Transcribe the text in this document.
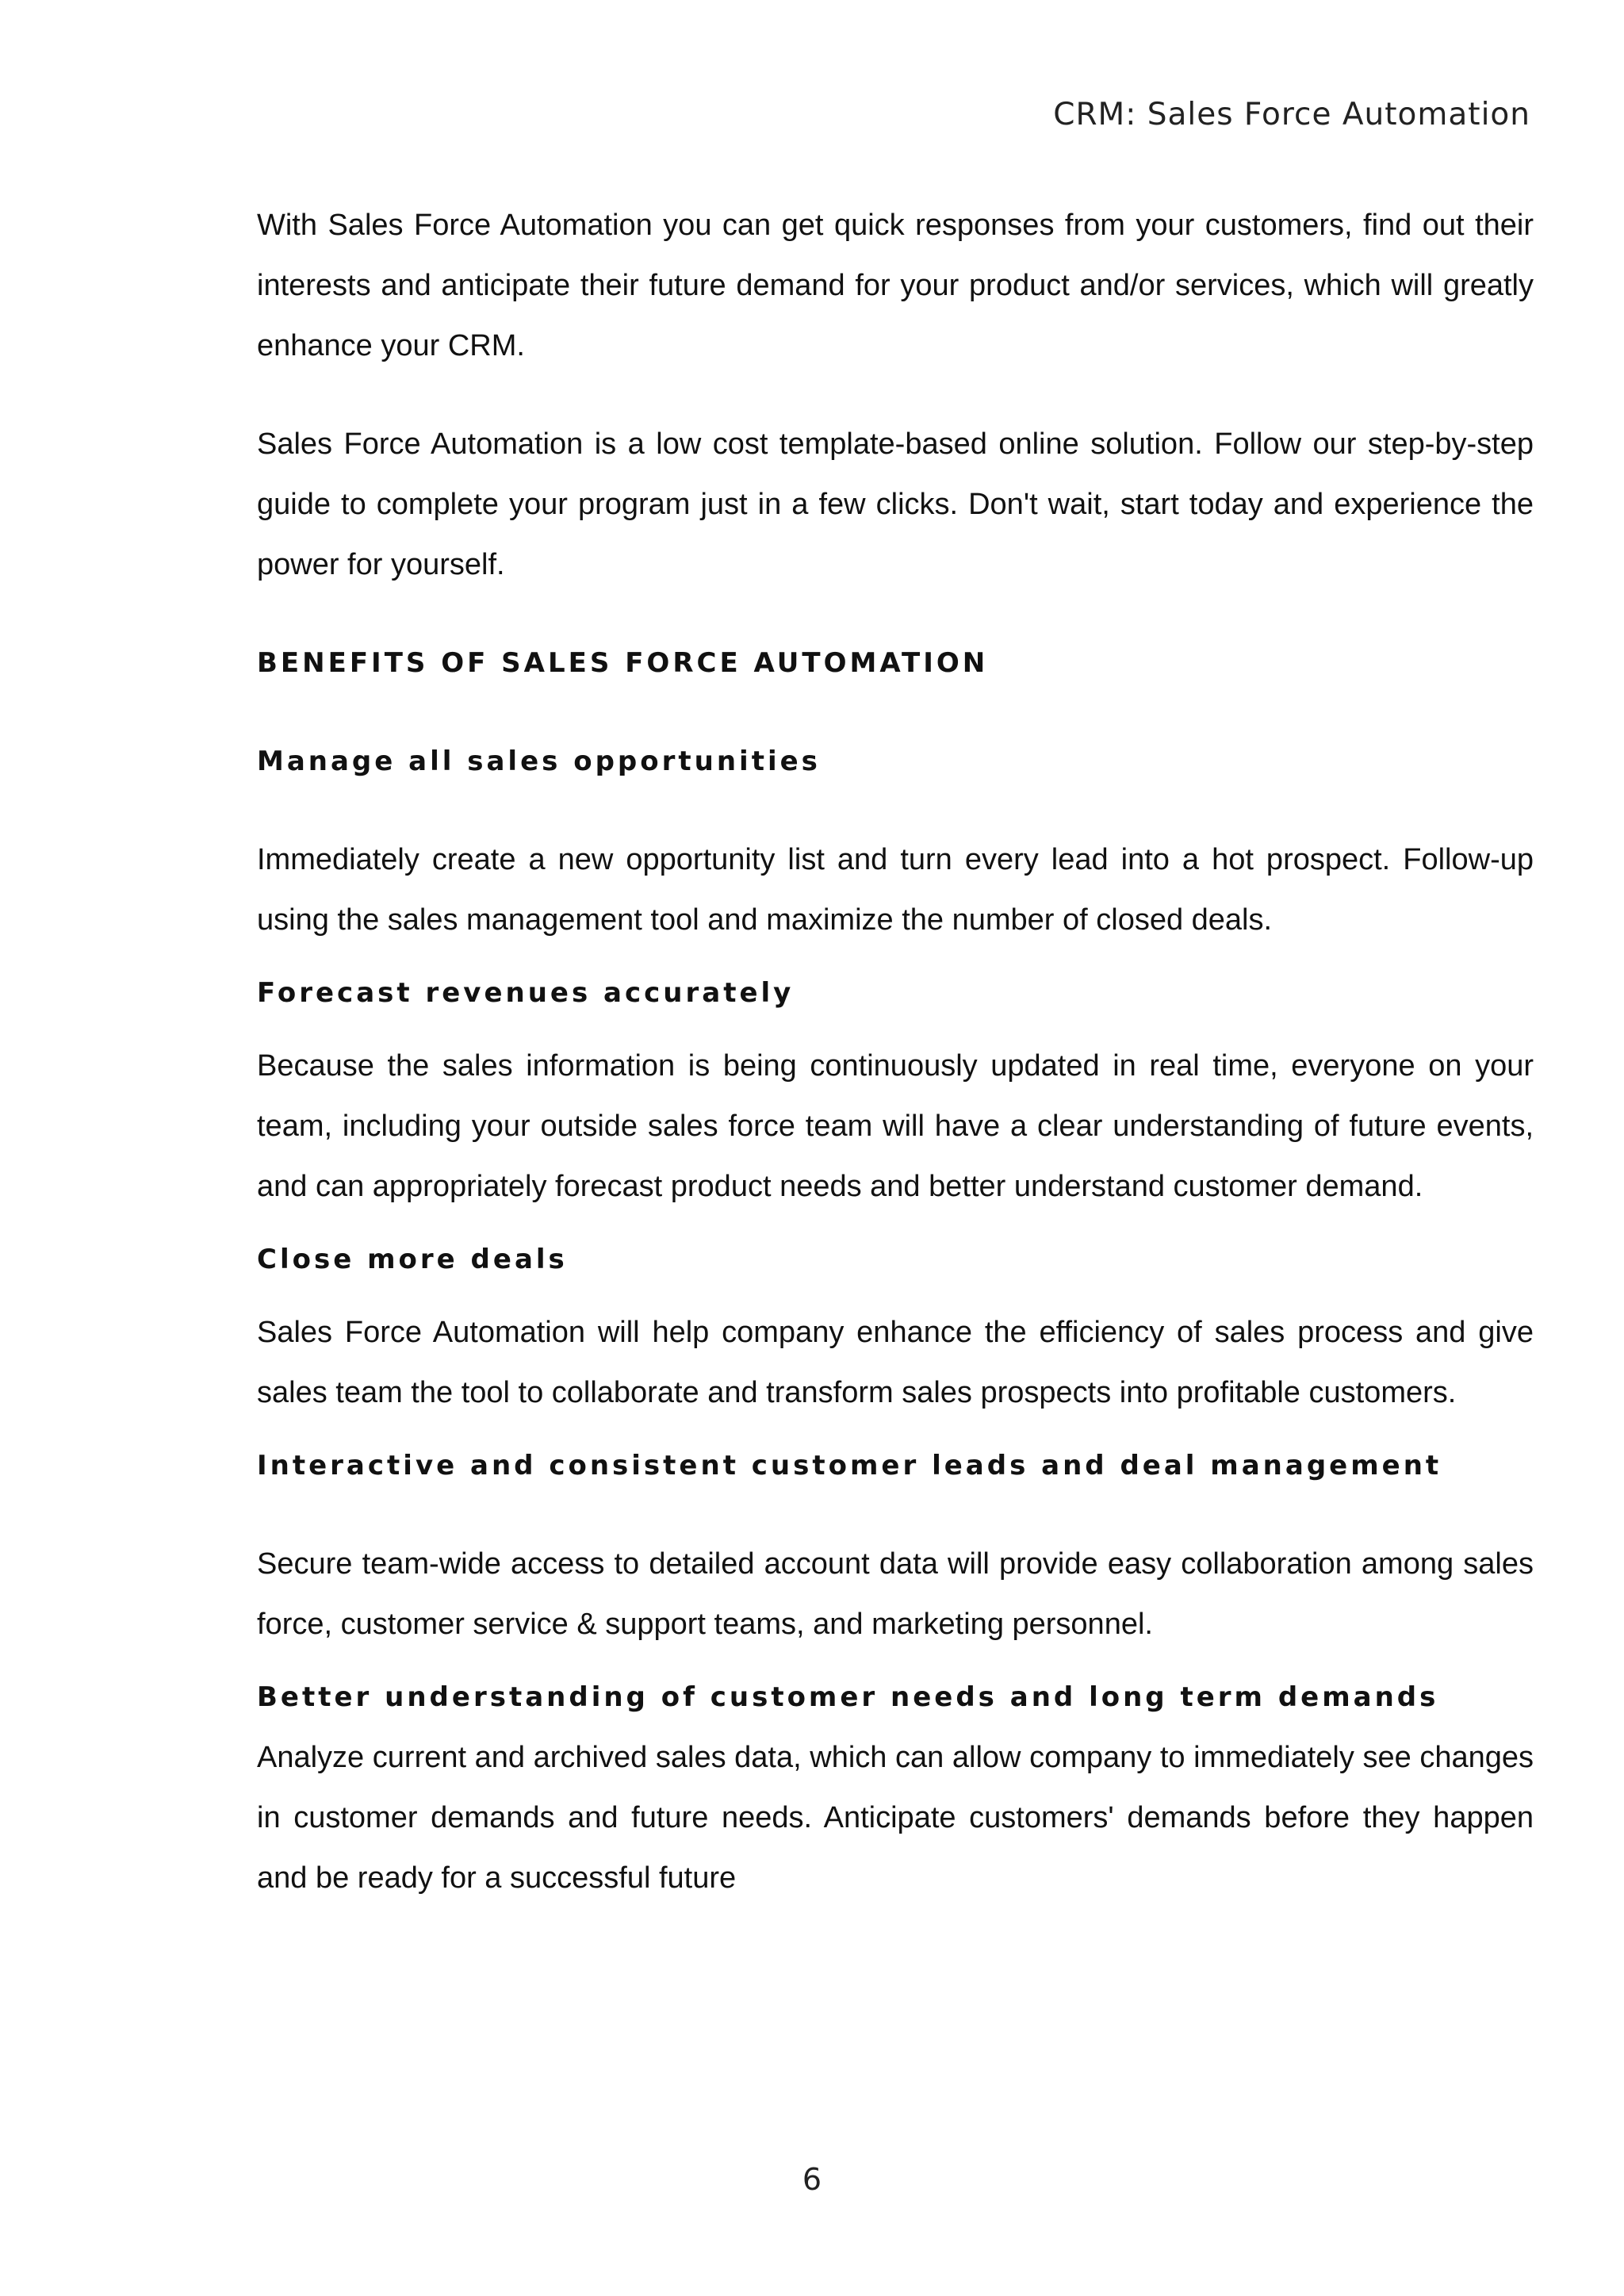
CRM: Sales Force Automation

With Sales Force Automation you can get quick responses from your customers, find out their interests and anticipate their future demand for your product and/or services, which will greatly enhance your CRM.

Sales Force Automation is a low cost template-based online solution. Follow our step-by-step guide to complete your program just in a few clicks. Don't wait, start today and experience the power for yourself.

BENEFITS OF SALES FORCE AUTOMATION
Manage all sales opportunities

Immediately create a new opportunity list and turn every lead into a hot prospect. Follow-up using the sales management tool and maximize the number of closed deals.

Forecast revenues accurately

Because the sales information is being continuously updated in real time, everyone on your team, including your outside sales force team will have a clear understanding of future events, and can appropriately forecast product needs and better understand customer demand.

Close more deals

Sales Force Automation will help company enhance the efficiency of sales process and give sales team the tool to collaborate and transform sales prospects into profitable customers.

Interactive and consistent customer leads and deal management

Secure team-wide access to detailed account data will provide easy collaboration among sales force, customer service & support teams, and marketing personnel.

Better understanding of customer needs and long term demands

Analyze current and archived sales data, which can allow company to immediately see changes in customer demands and future needs. Anticipate customers' demands before they happen and be ready for a successful future

6
